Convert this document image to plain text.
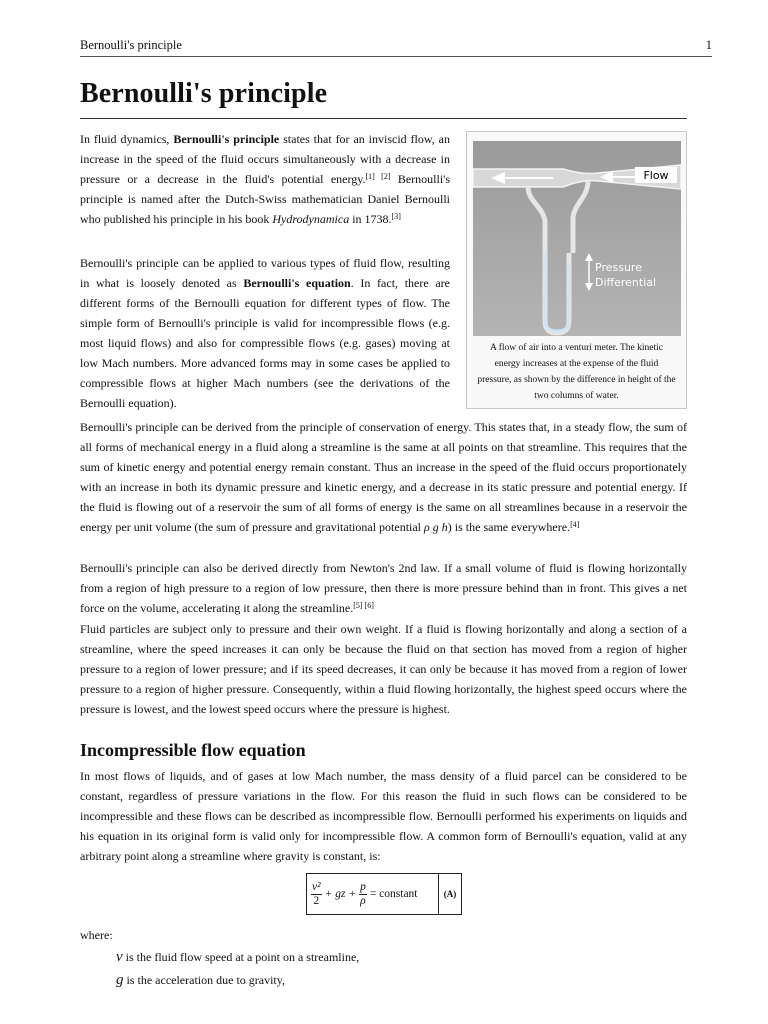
Bernoulli's principle	1
Bernoulli's principle

In fluid dynamics, Bernoulli's principle states that for an inviscid flow, an increase in the speed of the fluid occurs simultaneously with a decrease in pressure or a decrease in the fluid's potential energy.[1] [2] Bernoulli's principle is named after the Dutch-Swiss mathematician Daniel Bernoulli who published his principle in his book Hydrodynamica in 1738.[3]

Bernoulli's principle can be applied to various types of fluid flow, resulting in what is loosely denoted as Bernoulli's equation. In fact, there are different forms of the Bernoulli equation for different types of flow. The simple form of Bernoulli's principle is valid for incompressible flows (e.g. most liquid flows) and also for compressible flows (e.g. gases) moving at low Mach numbers. More advanced forms may in some cases be applied to compressible flows at higher Mach numbers (see the derivations of the Bernoulli equation).

Flow
Pressure
Differential
A flow of air into a venturi meter. The kinetic energy increases at the expense of the fluid pressure, as shown by the difference in height of the two columns of water.

Bernoulli's principle can be derived from the principle of conservation of energy. This states that, in a steady flow, the sum of all forms of mechanical energy in a fluid along a streamline is the same at all points on that streamline. This requires that the sum of kinetic energy and potential energy remain constant. Thus an increase in the speed of the fluid occurs proportionately with an increase in both its dynamic pressure and kinetic energy, and a decrease in its static pressure and potential energy. If the fluid is flowing out of a reservoir the sum of all forms of energy is the same on all streamlines because in a reservoir the energy per unit volume (the sum of pressure and gravitational potential ρ g h) is the same everywhere.[4]

Bernoulli's principle can also be derived directly from Newton's 2nd law. If a small volume of fluid is flowing horizontally from a region of high pressure to a region of low pressure, then there is more pressure behind than in front. This gives a net force on the volume, accelerating it along the streamline.[5] [6]

Fluid particles are subject only to pressure and their own weight. If a fluid is flowing horizontally and along a section of a streamline, where the speed increases it can only be because the fluid on that section has moved from a region of higher pressure to a region of lower pressure; and if its speed decreases, it can only be because it has moved from a region of lower pressure to a region of higher pressure. Consequently, within a fluid flowing horizontally, the highest speed occurs where the pressure is lowest, and the lowest speed occurs where the pressure is highest.

Incompressible flow equation

In most flows of liquids, and of gases at low Mach number, the mass density of a fluid parcel can be considered to be constant, regardless of pressure variations in the flow. For this reason the fluid in such flows can be considered to be incompressible and these flows can be described as incompressible flow. Bernoulli performed his experiments on liquids and his equation in its original form is valid only for incompressible flow. A common form of Bernoulli's equation, valid at any arbitrary point along a streamline where gravity is constant, is:

$\frac{\text{v²}}{2}$ + gz + $\frac{p}{\rho}$ = constant	(A)

where:

v is the fluid flow speed at a point on a streamline,
g is the acceleration due to gravity,
